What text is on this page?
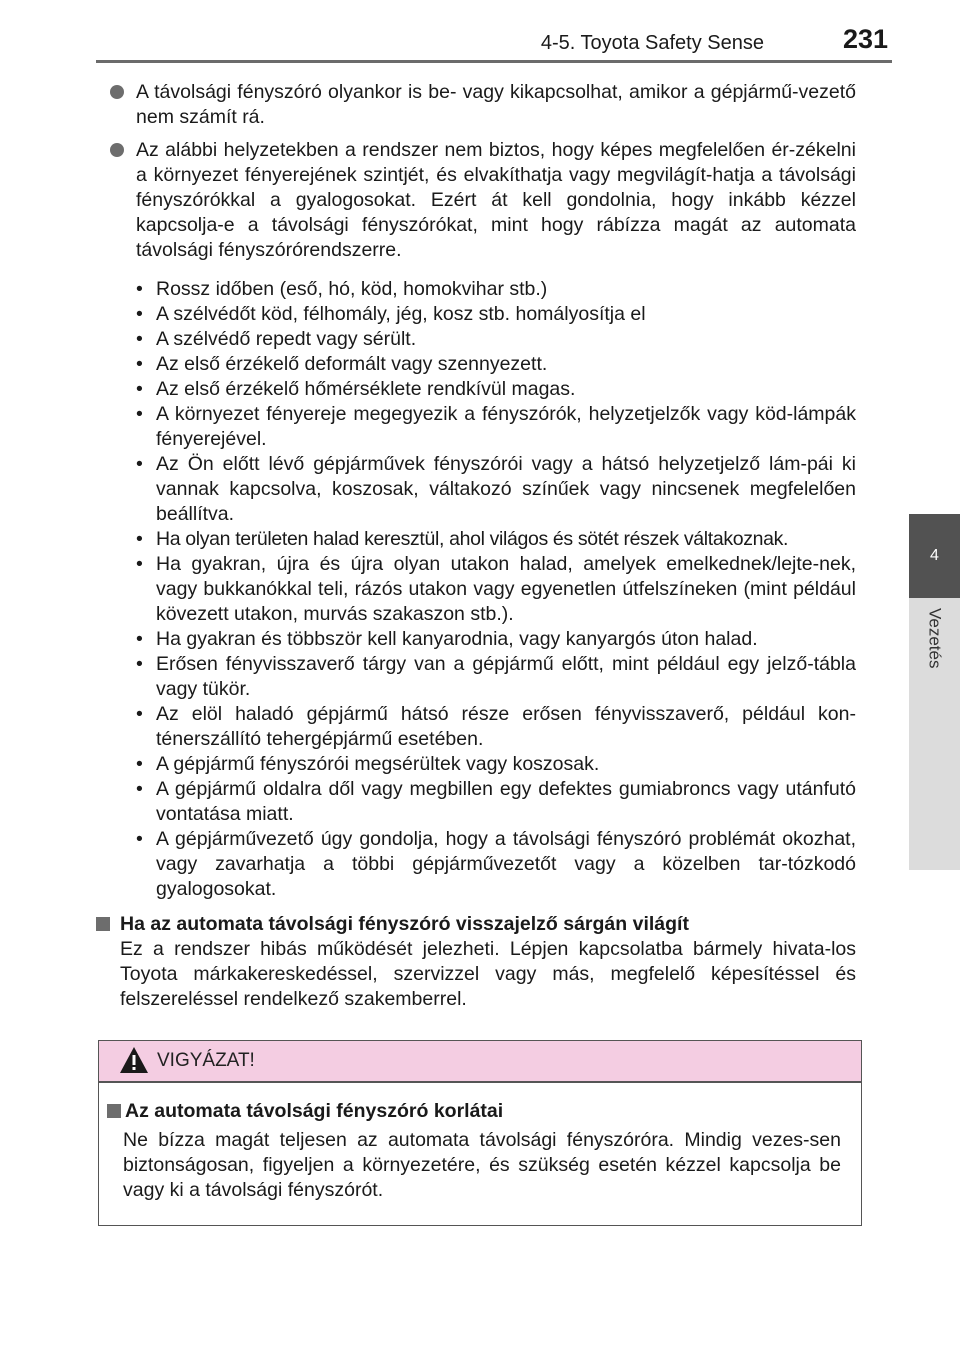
4-5. Toyota Safety Sense	231
4
Vezetés
A távolsági fényszóró olyankor is be- vagy kikapcsolhat, amikor a gépjármű-vezető nem számít rá.
Az alábbi helyzetekben a rendszer nem biztos, hogy képes megfelelően ér-zékelni a környezet fényerejének szintjét, és elvakíthatja vagy megvilágít-hatja a távolsági fényszórókkal a gyalogosokat. Ezért át kell gondolnia, hogy inkább kézzel kapcsolja-e a távolsági fényszórókat, mint hogy rábízza magát az automata távolsági fényszórórendszerre.
• Rossz időben (eső, hó, köd, homokvihar stb.)
• A szélvédőt köd, félhomály, jég, kosz stb. homályosítja el
• A szélvédő repedt vagy sérült.
• Az első érzékelő deformált vagy szennyezett.
• Az első érzékelő hőmérséklete rendkívül magas.
• A környezet fényereje megegyezik a fényszórók, helyzetjelzők vagy köd-lámpák fényerejével.
• Az Ön előtt lévő gépjárművek fényszórói vagy a hátsó helyzetjelző lám-pái ki vannak kapcsolva, koszosak, váltakozó színűek vagy nincsenek megfelelően beállítva.
• Ha olyan területen halad keresztül, ahol világos és sötét részek váltakoznak.
• Ha gyakran, újra és újra olyan utakon halad, amelyek emelkednek/lejte-nek, vagy bukkanókkal teli, rázós utakon vagy egyenetlen útfelszíneken (mint például kövezett utakon, murvás szakaszon stb.).
• Ha gyakran és többször kell kanyarodnia, vagy kanyargós úton halad.
• Erősen fényvisszaverő tárgy van a gépjármű előtt, mint például egy jelző-tábla vagy tükör.
• Az elöl haladó gépjármű hátsó része erősen fényvisszaverő, például kon-ténerszállító tehergépjármű esetében.
• A gépjármű fényszórói megsérültek vagy koszosak.
• A gépjármű oldalra dől vagy megbillen egy defektes gumiabroncs vagy utánfutó vontatása miatt.
• A gépjárművezető úgy gondolja, hogy a távolsági fényszóró problémát okozhat, vagy zavarhatja a többi gépjárművezetőt vagy a közelben tar-tózkodó gyalogosokat.
Ha az automata távolsági fényszóró visszajelző sárgán világít
Ez a rendszer hibás működését jelezheti. Lépjen kapcsolatba bármely hivata-los Toyota márkakereskedéssel, szervizzel vagy más, megfelelő képesítéssel és felszereléssel rendelkező szakemberrel.
VIGYÁZAT!
Az automata távolsági fényszóró korlátai
Ne bízza magát teljesen az automata távolsági fényszóróra. Mindig vezes-sen biztonságosan, figyeljen a környezetére, és szükség esetén kézzel kapcsolja be vagy ki a távolsági fényszórót.
